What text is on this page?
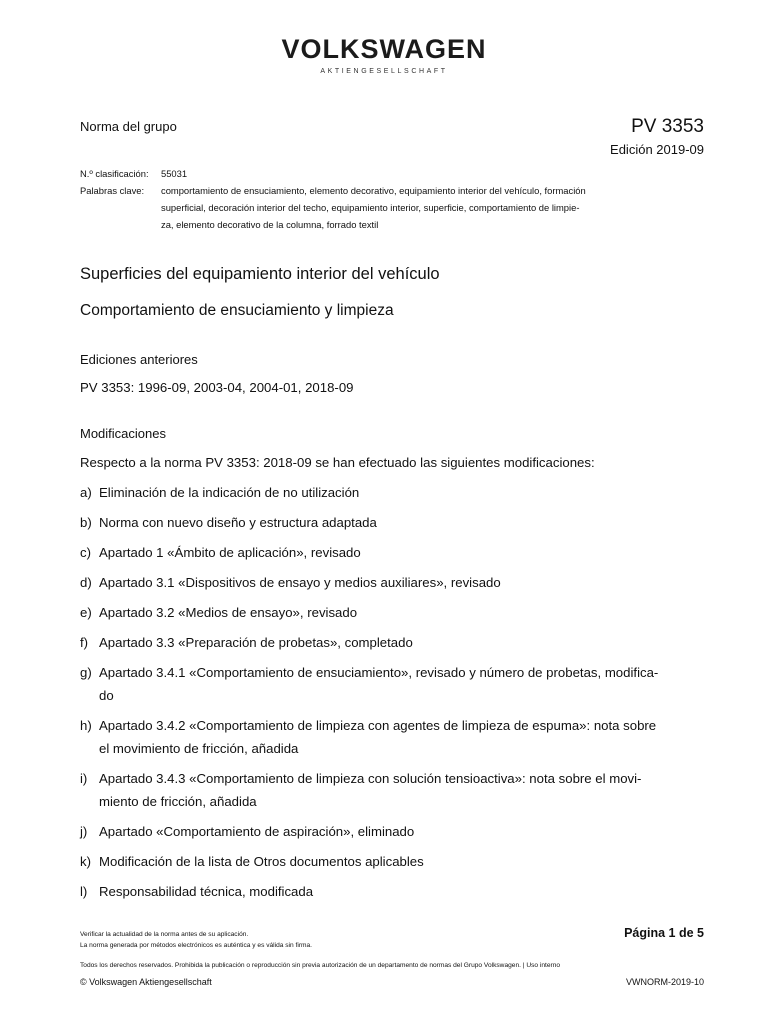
VOLKSWAGEN
AKTIENGESELLSCHAFT
Norma del grupo	PV 3353
Edición 2019-09
N.º clasificación:	55031
Palabras clave:	comportamiento de ensuciamiento, elemento decorativo, equipamiento interior del vehículo, formación
superficial, decoración interior del techo, equipamiento interior, superficie, comportamiento de limpie-
za, elemento decorativo de la columna, forrado textil
Superficies del equipamiento interior del vehículo
Comportamiento de ensuciamiento y limpieza
Ediciones anteriores
PV 3353: 1996-09, 2003-04, 2004-01, 2018-09
Modificaciones
Respecto a la norma PV 3353: 2018-09 se han efectuado las siguientes modificaciones:
a) Eliminación de la indicación de no utilización
b) Norma con nuevo diseño y estructura adaptada
c) Apartado 1 «Ámbito de aplicación», revisado
d) Apartado 3.1 «Dispositivos de ensayo y medios auxiliares», revisado
e) Apartado 3.2 «Medios de ensayo», revisado
f) Apartado 3.3 «Preparación de probetas», completado
g) Apartado 3.4.1 «Comportamiento de ensuciamiento», revisado y número de probetas, modifica-
do
h) Apartado 3.4.2 «Comportamiento de limpieza con agentes de limpieza de espuma»: nota sobre
el movimiento de fricción, añadida
i) Apartado 3.4.3 «Comportamiento de limpieza con solución tensioactiva»: nota sobre el movi-
miento de fricción, añadida
j) Apartado «Comportamiento de aspiración», eliminado
k) Modificación de la lista de Otros documentos aplicables
l) Responsabilidad técnica, modificada
Verificar la actualidad de la norma antes de su aplicación.
La norma generada por métodos electrónicos es auténtica y es válida sin firma.
Todos los derechos reservados. Prohibida la publicación o reproducción sin previa autorización de un departamento de normas del Grupo Volkswagen. | Uso interno
Página 1 de 5
© Volkswagen Aktiengesellschaft	VWNORM-2019-10
